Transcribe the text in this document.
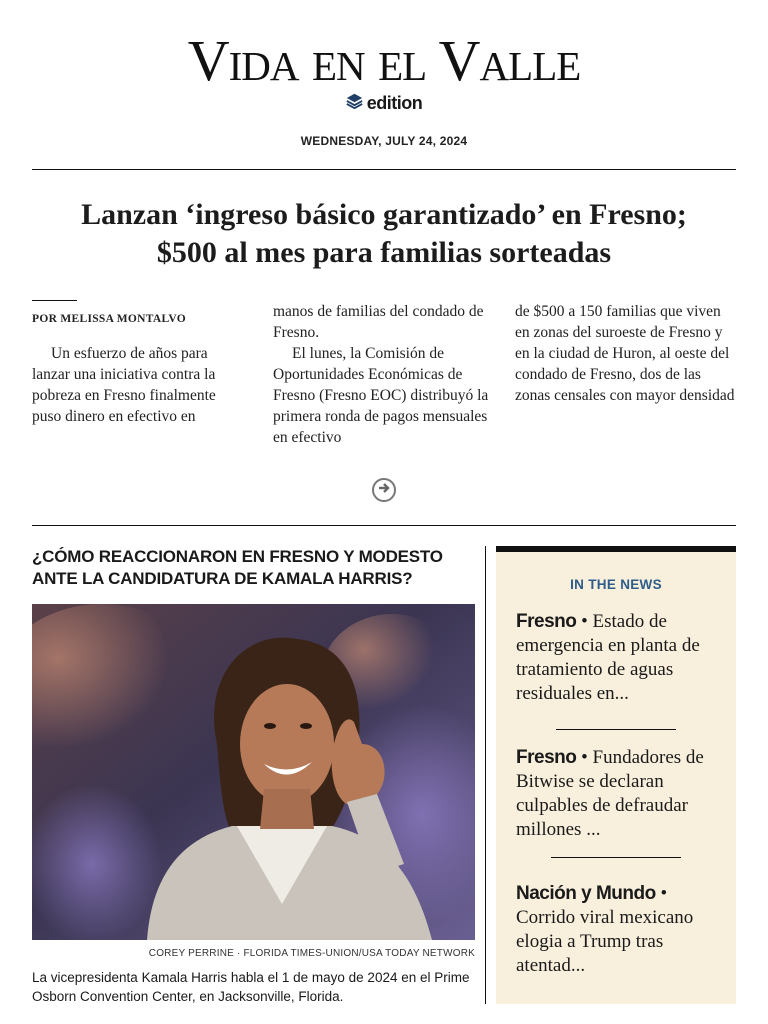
Vida en el Valle
edition
WEDNESDAY, JULY 24, 2024
Lanzan ‘ingreso básico garantizado’ en Fresno;
$500 al mes para familias sorteadas
POR MELISSA MONTALVO

Un esfuerzo de años para lanzar una iniciativa contra la pobreza en Fresno finalmente puso dinero en efectivo en

manos de familias del condado de Fresno.

El lunes, la Comisión de Oportunidades Económicas de Fresno (Fresno EOC) distribuyó la primera ronda de pagos mensuales en efectivo

de $500 a 150 familias que viven en zonas del suroeste de Fresno y en la ciudad de Huron, al oeste del condado de Fresno, dos de las zonas censales con mayor densidad

¿CÓMO REACCIONARON EN FRESNO Y MODESTO ANTE LA CANDIDATURA DE KAMALA HARRIS?
COREY PERRINE · FLORIDA TIMES-UNION/USA TODAY NETWORK
La vicepresidenta Kamala Harris habla el 1 de mayo de 2024 en el Prime Osborn Convention Center, en Jacksonville, Florida.
IN THE NEWS
Fresno • Estado de emergencia en planta de tratamiento de aguas residuales en...
Fresno • Fundadores de Bitwise se declaran culpables de defraudar millones ...
Nación y Mundo • Corrido viral mexicano elogia a Trump tras atentad...
